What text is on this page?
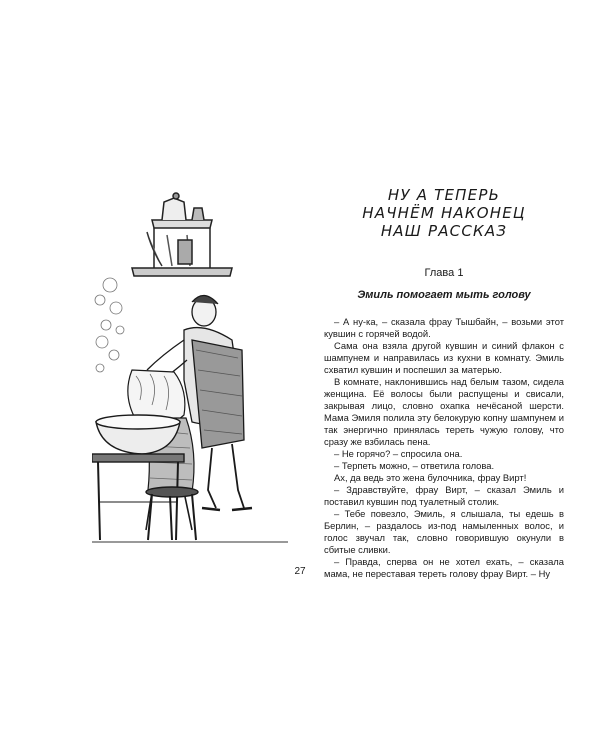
НУ А ТЕПЕРЬ
НАЧНЁМ НАКОНЕЦ
НАШ РАССКАЗ
Глава 1
Эмиль помогает мыть голову

– А ну-ка, – сказала фрау Тышбайн, – возьми этот кувшин с горячей водой.

Сама она взяла другой кувшин и синий флакон с шампунем и направилась из кухни в комнату. Эмиль схватил кувшин и поспешил за матерью.

В комнате, наклонившись над белым тазом, сидела женщина. Её волосы были распущены и свисали, закрывая лицо, словно охапка нечёсаной шерсти. Мама Эмиля полила эту белокурую копну шампунем и так энергично принялась тереть чужую голову, что сразу же взбилась пена.

– Не горячо? – спросила она.

– Терпеть можно, – ответила голова.

Ах, да ведь это жена булочника, фрау Вирт!

– Здравствуйте, фрау Вирт, – сказал Эмиль и поставил кувшин под туалетный столик.

– Тебе повезло, Эмиль, я слышала, ты едешь в Берлин, – раздалось из-под намыленных волос, и голос звучал так, словно говорившую окунули в сбитые сливки.

– Правда, сперва он не хотел ехать, – сказала мама, не переставая тереть голову фрау Вирт. – Ну

27
